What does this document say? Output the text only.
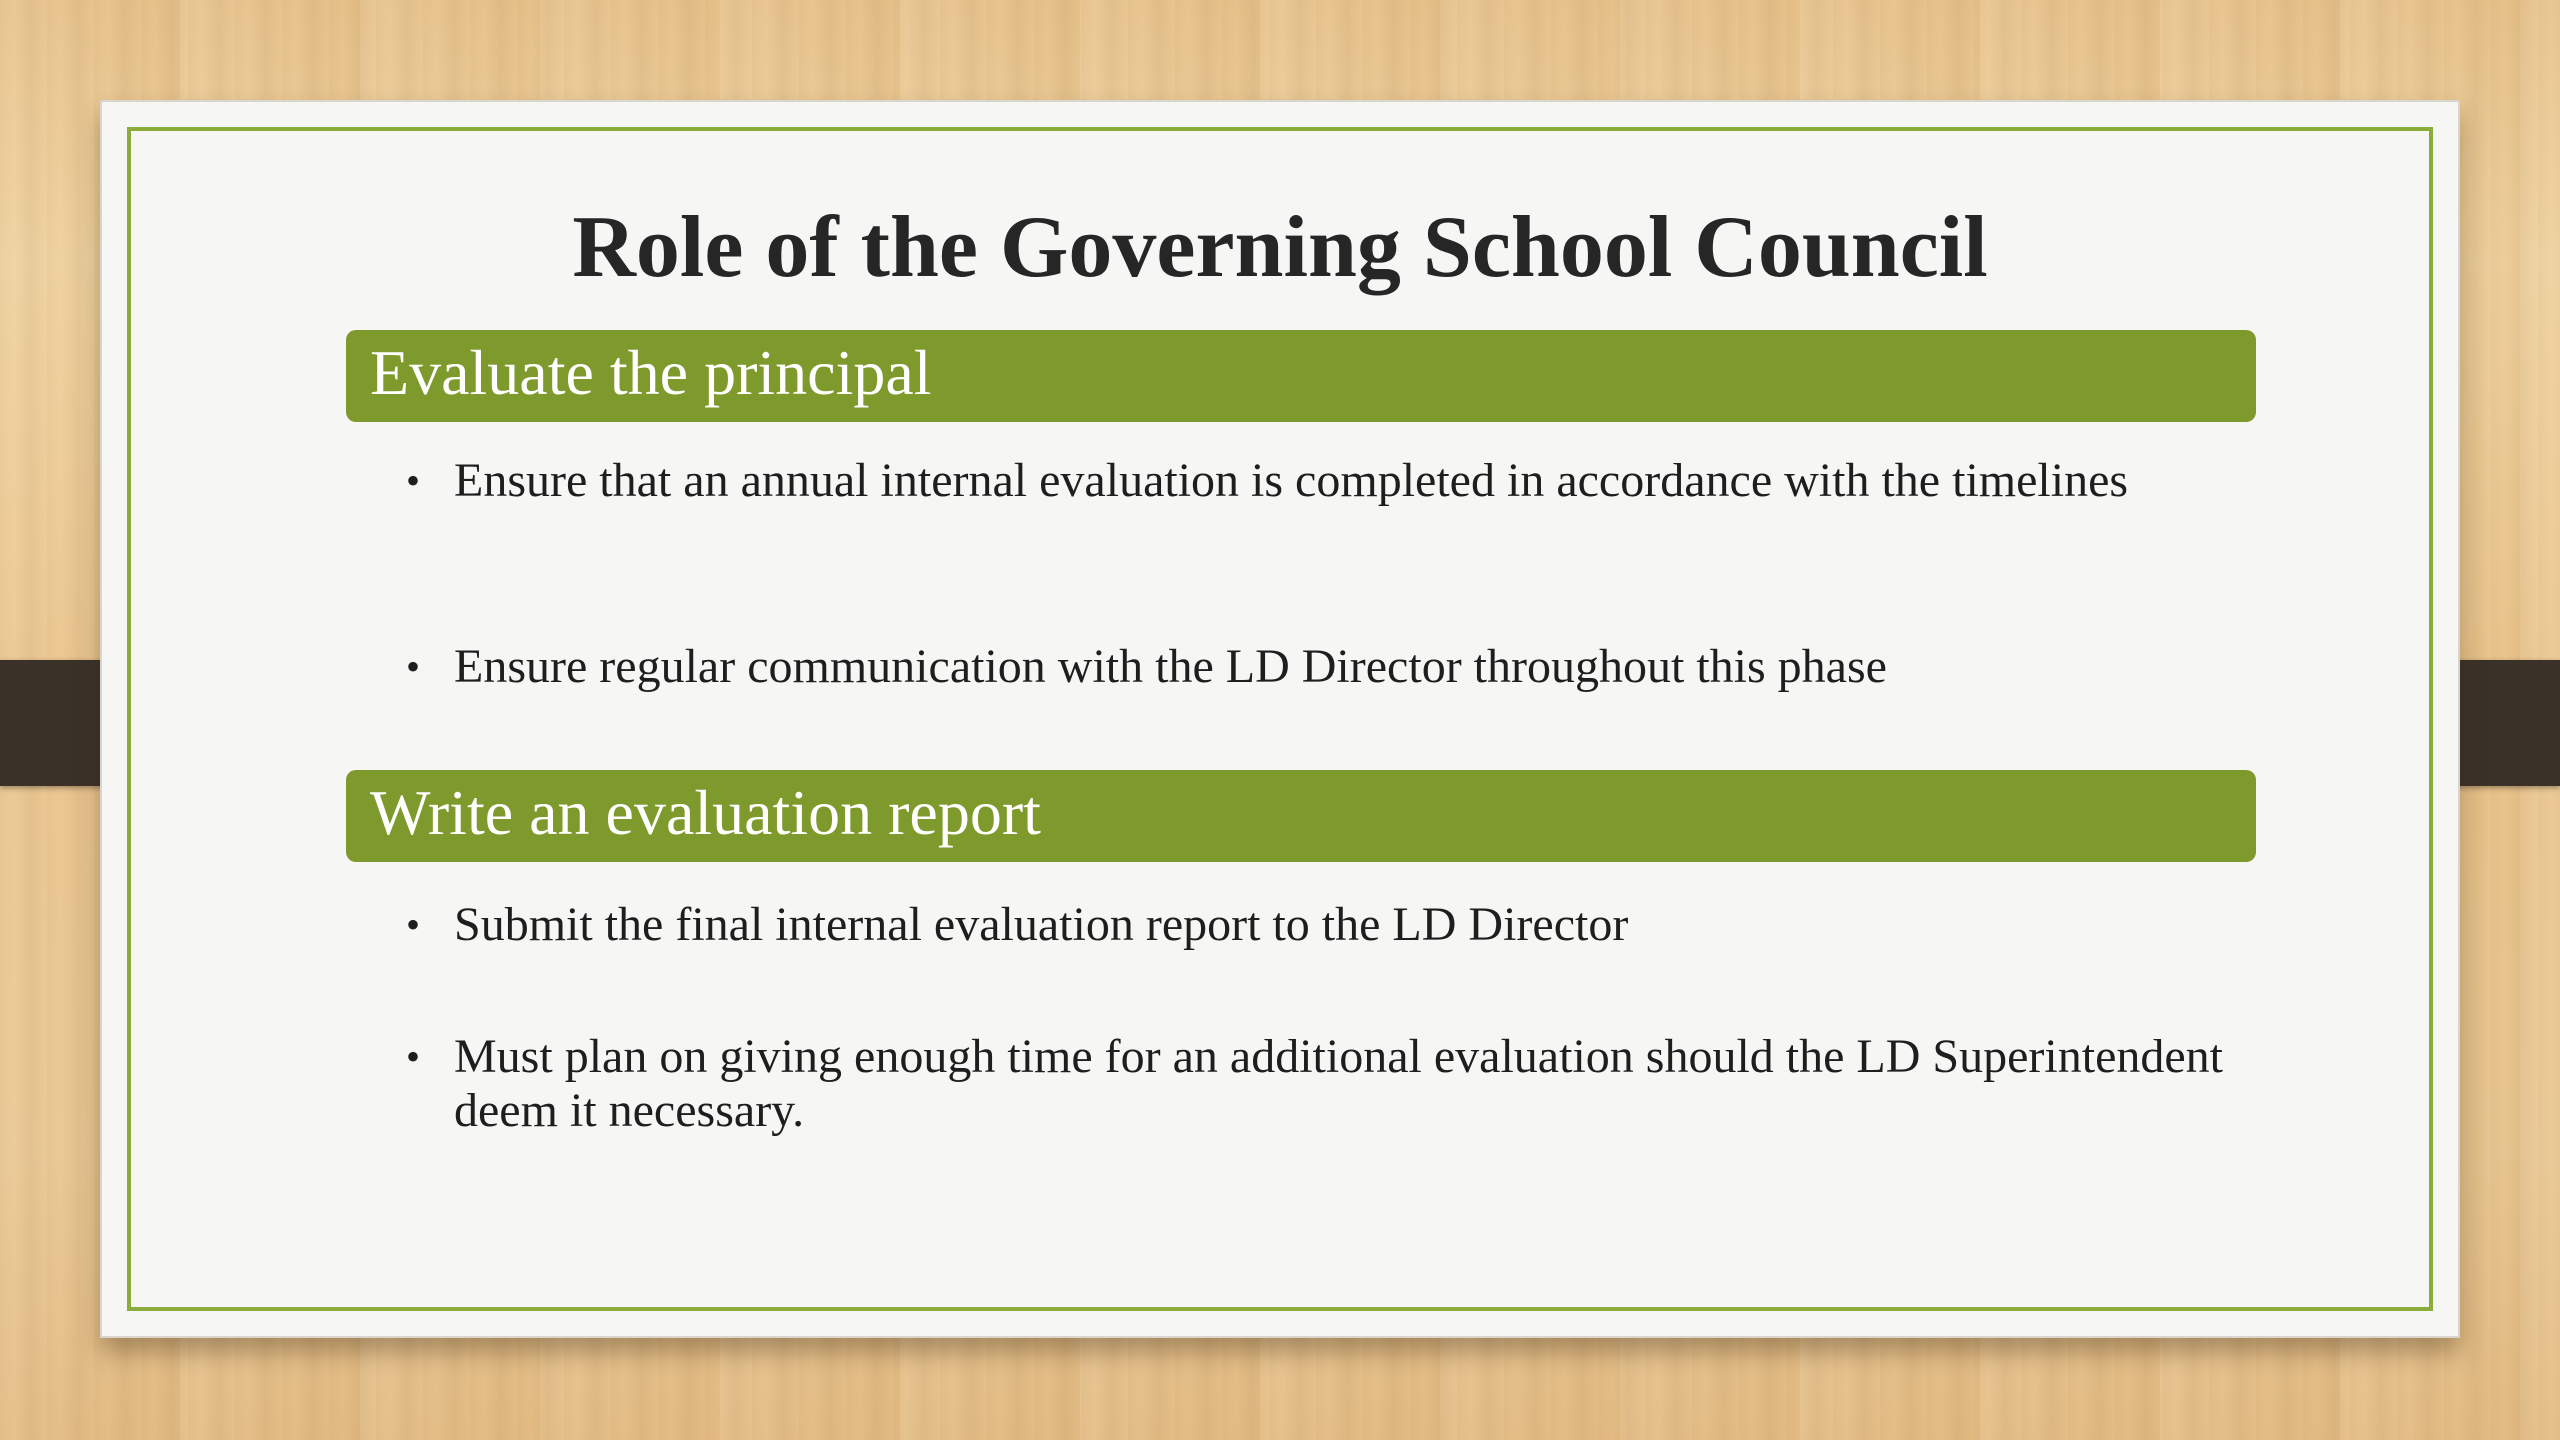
Role of the Governing School Council
Evaluate the principal
• Ensure that an annual internal evaluation is completed in accordance with the timelines
• Ensure regular communication with the LD Director throughout this phase
Write an evaluation report
• Submit the final internal evaluation report to the LD Director
• Must plan on giving enough time for an additional evaluation should the LD Superintendent deem it necessary.
